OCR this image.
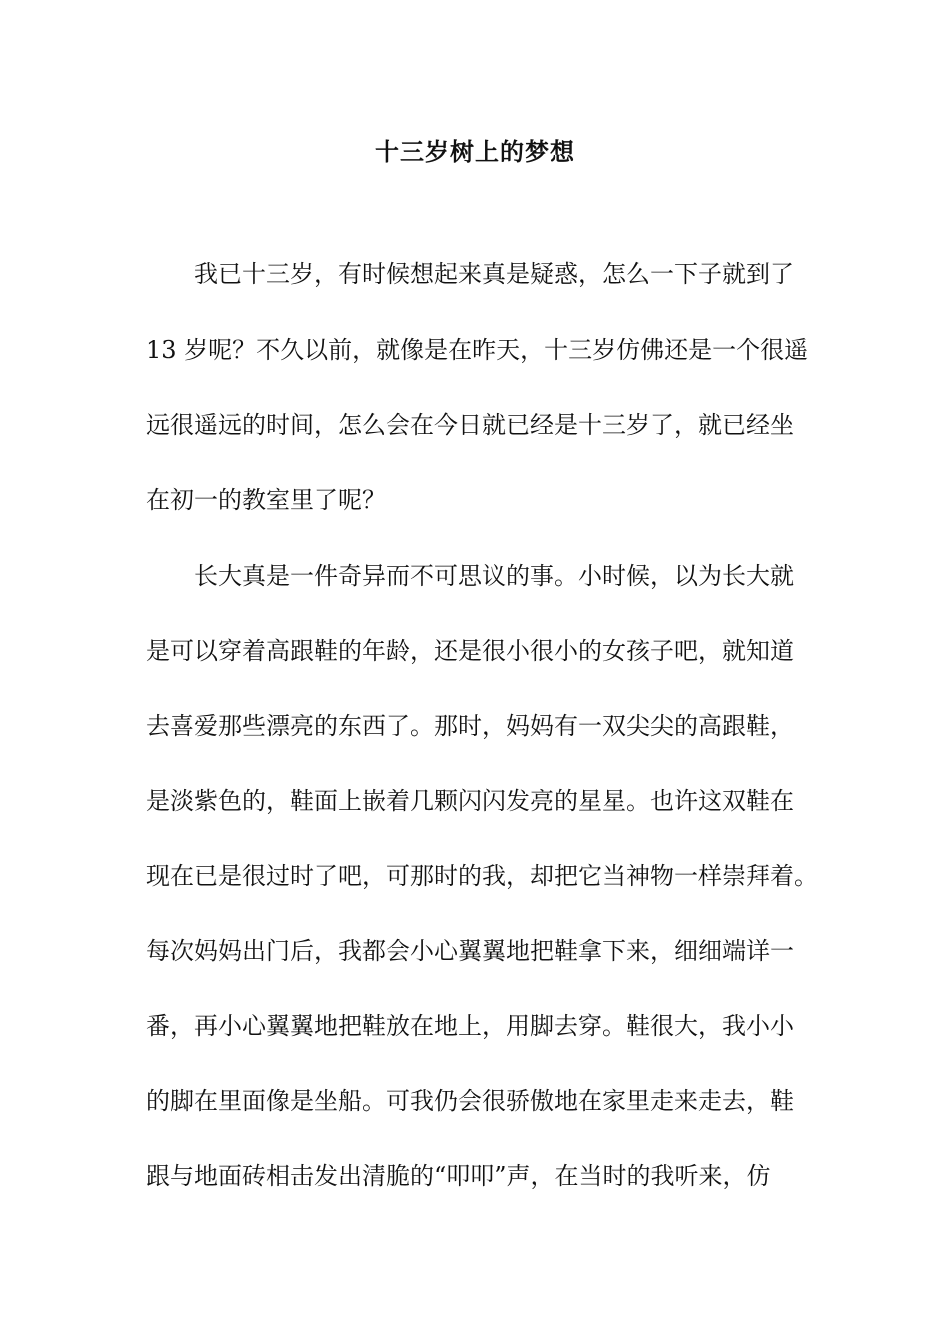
十三岁树上的梦想
我已十三岁，有时候想起来真是疑惑，怎么一下子就到了
13 岁呢？不久以前，就像是在昨天，十三岁仿佛还是一个很遥
远很遥远的时间，怎么会在今日就已经是十三岁了，就已经坐
在初一的教室里了呢？
长大真是一件奇异而不可思议的事。小时候，以为长大就
是可以穿着高跟鞋的年龄，还是很小很小的女孩子吧，就知道
去喜爱那些漂亮的东西了。那时，妈妈有一双尖尖的高跟鞋，
是淡紫色的，鞋面上嵌着几颗闪闪发亮的星星。也许这双鞋在
现在已是很过时了吧，可那时的我，却把它当神物一样崇拜着。
每次妈妈出门后，我都会小心翼翼地把鞋拿下来，细细端详一
番，再小心翼翼地把鞋放在地上，用脚去穿。鞋很大，我小小
的脚在里面像是坐船。可我仍会很骄傲地在家里走来走去，鞋
跟与地面砖相击发出清脆的“叩叩”声，在当时的我听来，仿
